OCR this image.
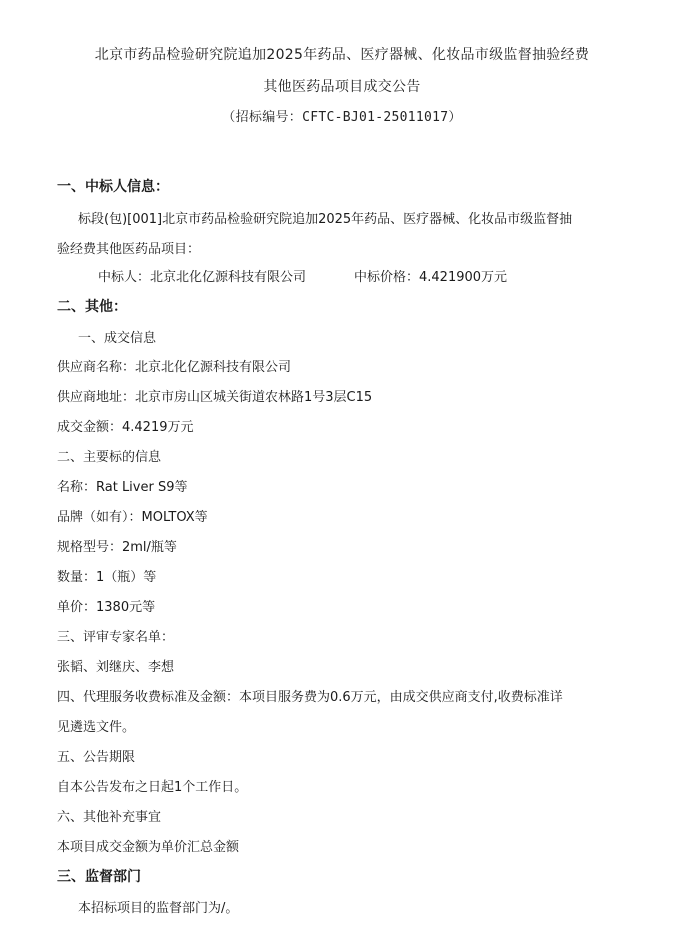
北京市药品检验研究院追加2025年药品、医疗器械、化妆品市级监督抽验经费
其他医药品项目成交公告
（招标编号：CFTC-BJ01-25011017）
一、中标人信息：
标段(包)[001]北京市药品检验研究院追加2025年药品、医疗器械、化妆品市级监督抽
验经费其他医药品项目：
中标人：北京北化亿源科技有限公司	中标价格：4.421900万元
二、其他：
一、成交信息
供应商名称：北京北化亿源科技有限公司
供应商地址：北京市房山区城关街道农林路1号3层C15
成交金额：4.4219万元
二、主要标的信息
名称：Rat Liver S9等
品牌（如有）：MOLTOX等
规格型号：2ml/瓶等
数量：1（瓶）等
单价：1380元等
三、评审专家名单：
张韬、刘继庆、李想
四、代理服务收费标准及金额：本项目服务费为0.6万元，由成交供应商支付,收费标准详
见遴选文件。
五、公告期限
自本公告发布之日起1个工作日。
六、其他补充事宜
本项目成交金额为单价汇总金额
三、监督部门
本招标项目的监督部门为/。
